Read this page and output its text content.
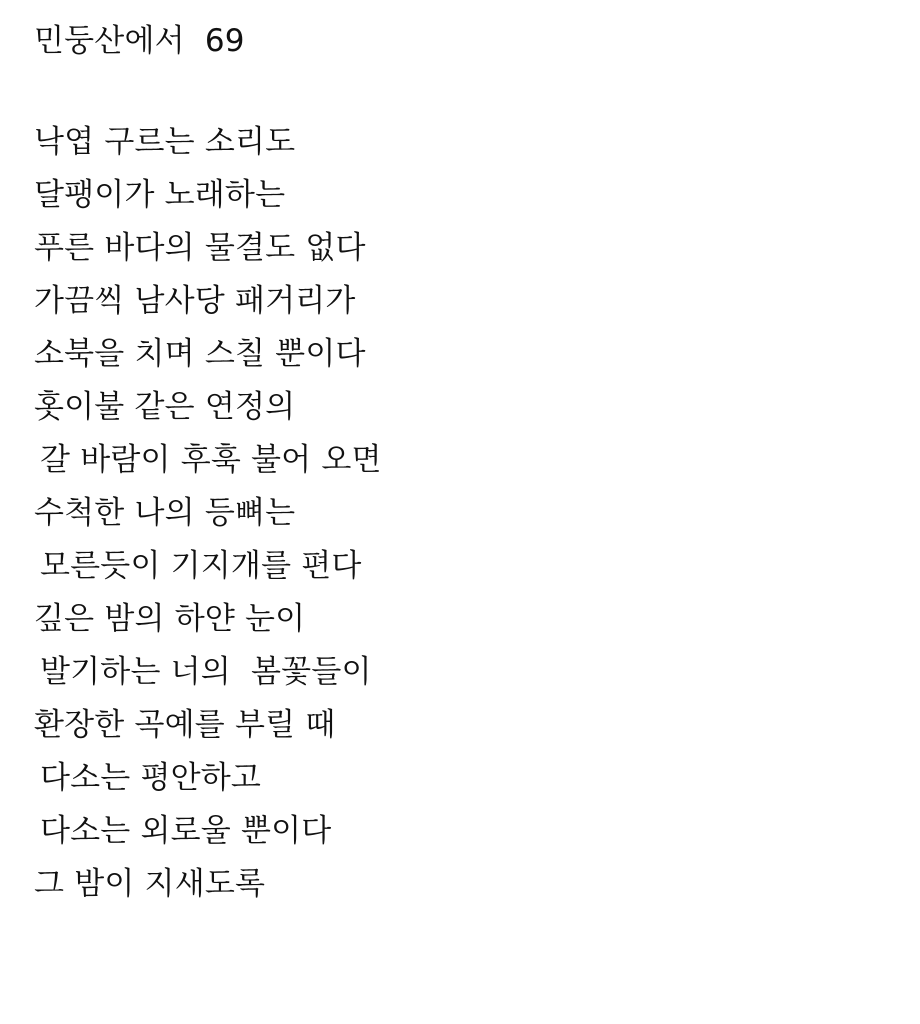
민둥산에서  69
낙엽 구르는 소리도
달팽이가 노래하는
푸른 바다의 물결도 없다
가끔씩 남사당 패거리가
소북을 치며 스칠 뿐이다
홋이불 같은 연정의
갈 바람이 후훅 불어 오면
수척한 나의 등뼈는
모른듯이 기지개를 편다
깊은 밤의 하얀 눈이
발기하는 너의  봄꽃들이
환장한 곡예를 부릴 때
다소는 평안하고
다소는 외로울 뿐이다
그 밤이 지새도록
